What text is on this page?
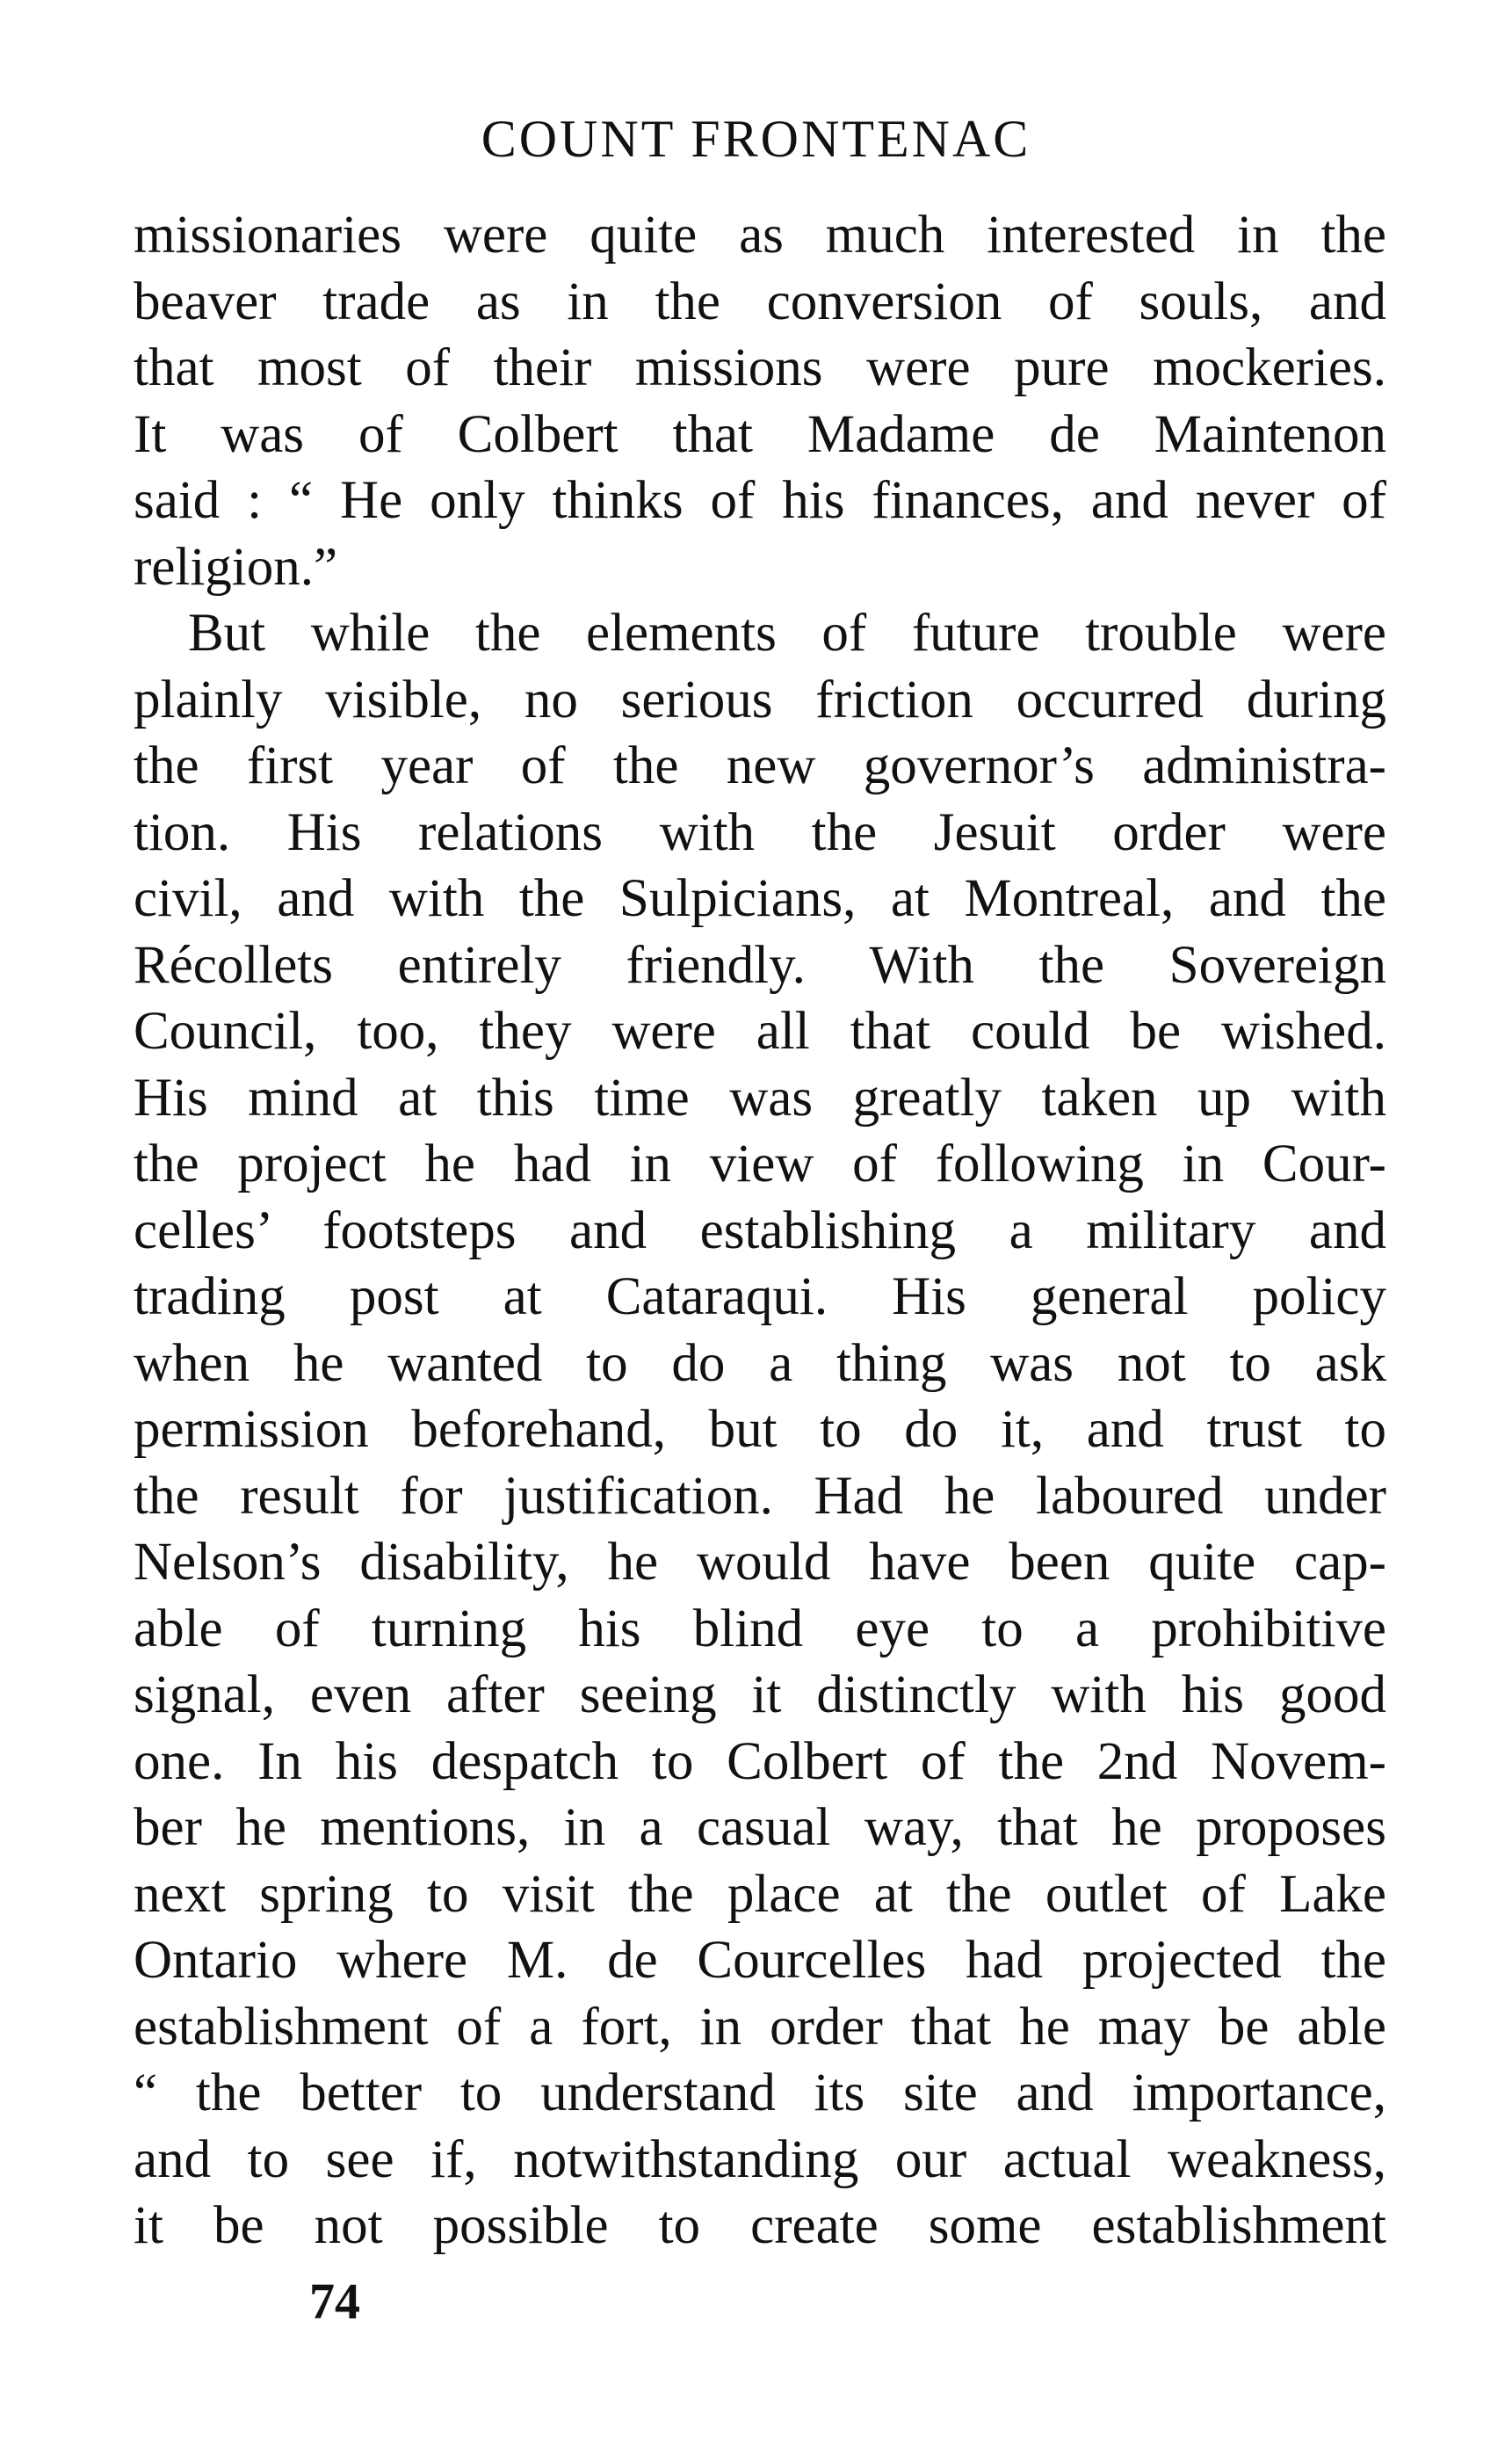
COUNT FRONTENAC
missionaries were quite as much interested in the
beaver trade as in the conversion of souls, and
that most of their missions were pure mockeries.
It was of Colbert that Madame de Maintenon
said : “ He only thinks of his finances, and never of
religion.”
But while the elements of future trouble were
plainly visible, no serious friction occurred during
the first year of the new governor’s administra-
tion. His relations with the Jesuit order were
civil, and with the Sulpicians, at Montreal, and the
Récollets entirely friendly. With the Sovereign
Council, too, they were all that could be wished.
His mind at this time was greatly taken up with
the project he had in view of following in Cour-
celles’ footsteps and establishing a military and
trading post at Cataraqui. His general policy
when he wanted to do a thing was not to ask
permission beforehand, but to do it, and trust to
the result for justification. Had he laboured under
Nelson’s disability, he would have been quite cap-
able of turning his blind eye to a prohibitive
signal, even after seeing it distinctly with his good
one. In his despatch to Colbert of the 2nd Novem-
ber he mentions, in a casual way, that he proposes
next spring to visit the place at the outlet of Lake
Ontario where M. de Courcelles had projected the
establishment of a fort, in order that he may be able
“ the better to understand its site and importance,
and to see if, notwithstanding our actual weakness,
it be not possible to create some establishment
74
